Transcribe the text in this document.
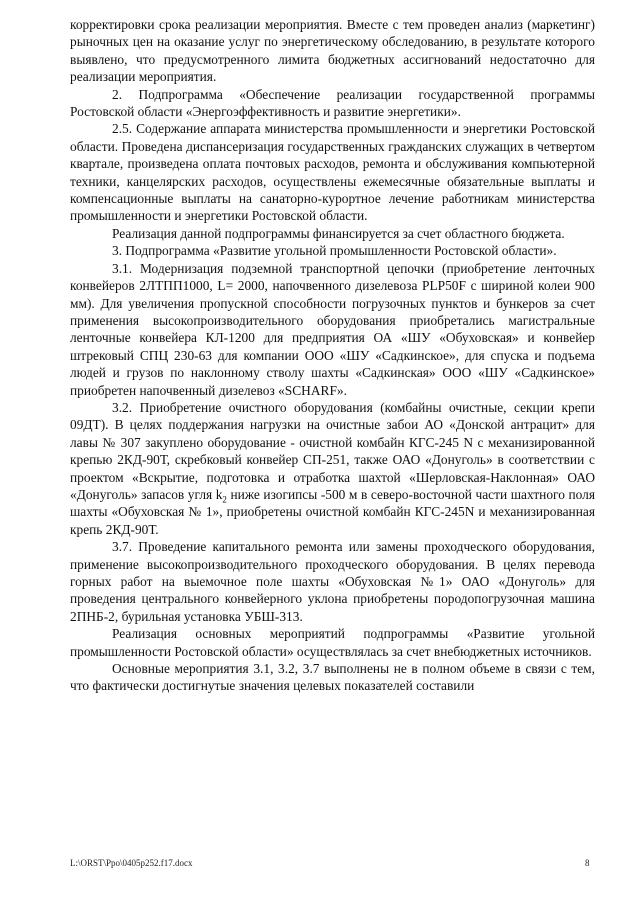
корректировки срока реализации мероприятия. Вместе с тем проведен анализ (маркетинг) рыночных цен на оказание услуг по энергетическому обследованию, в результате которого выявлено, что предусмотренного лимита бюджетных ассигнований недостаточно для реализации мероприятия.

2. Подпрограмма «Обеспечение реализации государственной программы Ростовской области «Энергоэффективность и развитие энергетики».

2.5. Содержание аппарата министерства промышленности и энергетики Ростовской области. Проведена диспансеризация государственных гражданских служащих в четвертом квартале, произведена оплата почтовых расходов, ремонта и обслуживания компьютерной техники, канцелярских расходов, осуществлены ежемесячные обязательные выплаты и компенсационные выплаты на санаторно-курортное лечение работникам министерства промышленности и энергетики Ростовской области.

Реализация данной подпрограммы финансируется за счет областного бюджета.

3. Подпрограмма «Развитие угольной промышленности Ростовской области».

3.1. Модернизация подземной транспортной цепочки (приобретение ленточных конвейеров 2ЛТПП1000, L= 2000, напочвенного дизелевоза PLP50F с шириной колеи 900 мм). Для увеличения пропускной способности погрузочных пунктов и бункеров за счет применения высокопроизводительного оборудования приобретались магистральные ленточные конвейера КЛ-1200 для предприятия ОА «ШУ «Обуховская» и конвейер штрековый СПЦ 230-63 для компании ООО «ШУ «Садкинское», для спуска и подъема людей и грузов по наклонному стволу шахты «Садкинская» ООО «ШУ «Садкинское» приобретен напочвенный дизелевоз «SCHARF».

3.2. Приобретение очистного оборудования (комбайны очистные, секции крепи 09ДТ). В целях поддержания нагрузки на очистные забои АО «Донской антрацит» для лавы № 307 закуплено оборудование - очистной комбайн КГС-245 N с механизированной крепью 2КД-90Т, скребковый конвейер СП-251, также ОАО «Донуголь» в соответствии с проектом «Вскрытие, подготовка и отработка шахтой «Шерловская-Наклонная» ОАО «Донуголь» запасов угля $k_2$ ниже изогипсы -500 м в северо-восточной части шахтного поля шахты «Обуховская № 1», приобретены очистной комбайн КГС-245N и механизированная крепь 2КД-90Т.

3.7. Проведение капитального ремонта или замены проходческого оборудования, применение высокопроизводительного проходческого оборудования. В целях перевода горных работ на выемочное поле шахты «Обуховская №1» ОАО «Донуголь» для проведения центрального конвейерного уклона приобретены породопогрузочная машина 2ПНБ-2, бурильная установка УБШ-313.

Реализация основных мероприятий подпрограммы «Развитие угольной промышленности Ростовской области» осуществлялась за счет внебюджетных источников.

Основные мероприятия 3.1, 3.2, 3.7 выполнены не в полном объеме в связи с тем, что фактически достигнутые значения целевых показателей составили

L:\ORST\Ppo\0405p252.f17.docx	8
